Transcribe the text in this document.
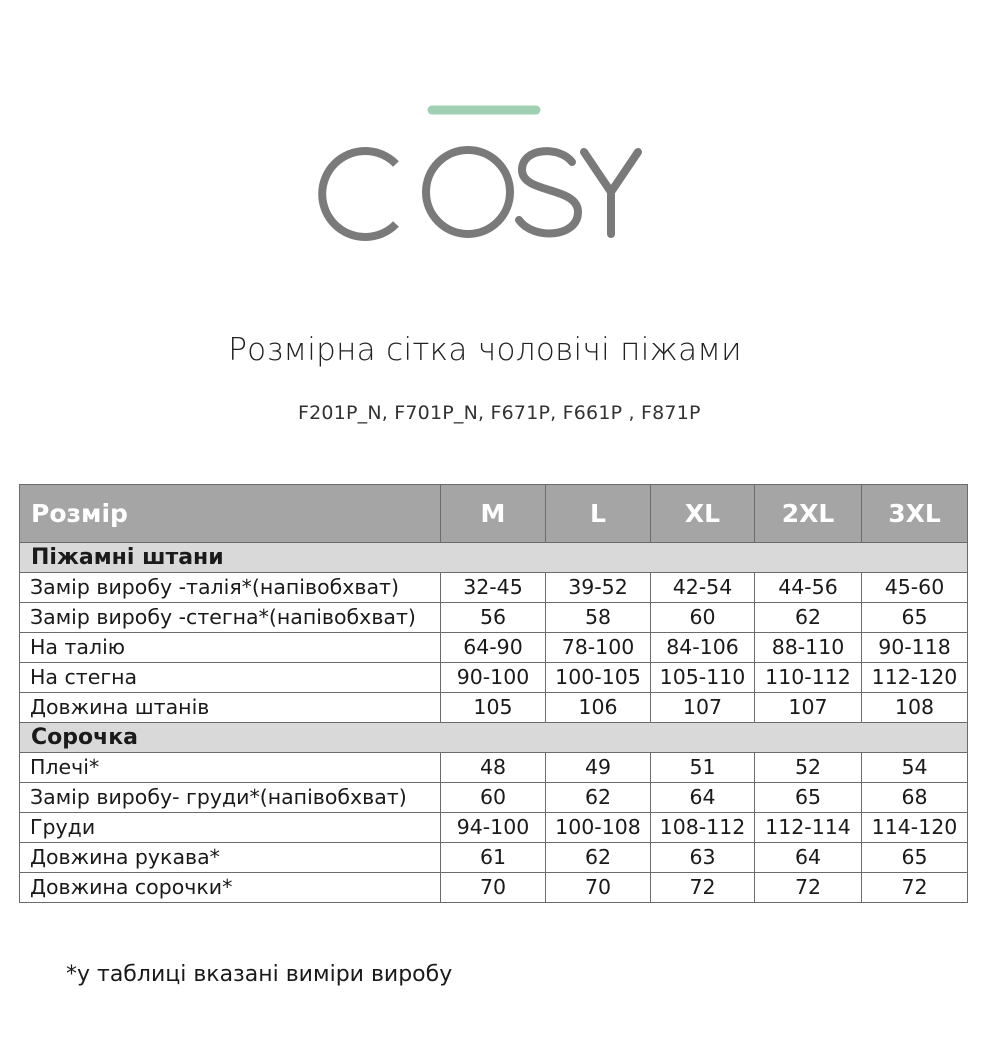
Розмірна сітка чоловічі піжами
F201P_N, F701P_N, F671P, F661P , F871P
Розмір	M	L	XL	2XL	3XL
Піжамні штани					
Замір виробу -талія*(напівобхват)	32-45	39-52	42-54	44-56	45-60
Замір виробу -стегна*(напівобхват)	56	58	60	62	65
На талію	64-90	78-100	84-106	88-110	90-118
На стегна	90-100	100-105	105-110	110-112	112-120
Довжина штанів	105	106	107	107	108
Сорочка					
Плечі*	48	49	51	52	54
Замір виробу- груди*(напівобхват)	60	62	64	65	68
Груди	94-100	100-108	108-112	112-114	114-120
Довжина рукава*	61	62	63	64	65
Довжина сорочки*	70	70	72	72	72
*у таблиці вказані виміри виробу
